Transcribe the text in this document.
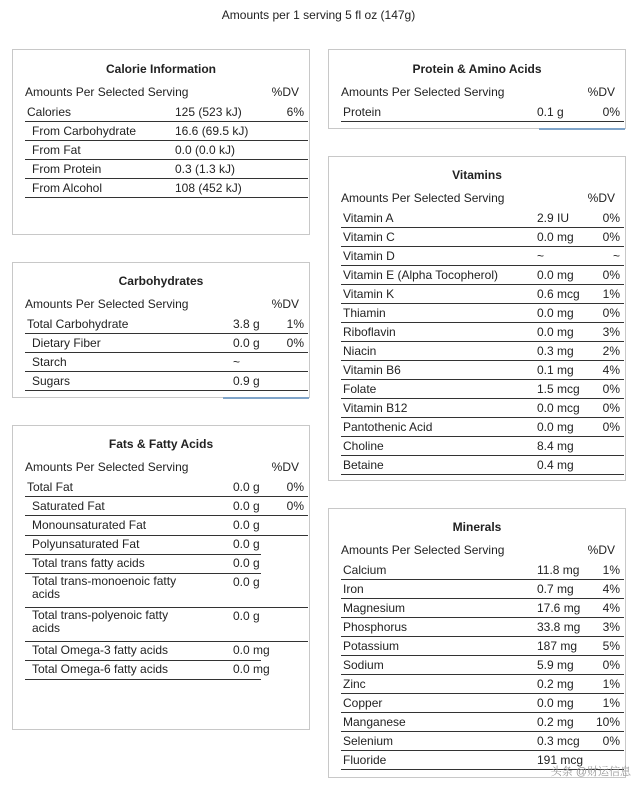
Amounts per 1 serving 5 fl oz (147g)
Calorie Information
Amounts Per Selected Serving	%DV
Calories	125 (523 kJ)	6%
From Carbohydrate	16.6 (69.5 kJ)
From Fat	0.0 (0.0 kJ)
From Protein	0.3 (1.3 kJ)
From Alcohol	108 (452 kJ)
Carbohydrates
Amounts Per Selected Serving	%DV
Total Carbohydrate	3.8 g 1%
Dietary Fiber	0.0 g 0%
Starch	~
Sugars	0.9 g
Fats & Fatty Acids
Amounts Per Selected Serving	%DV
Total Fat	0.0 g 0%
Saturated Fat	0.0 g 0%
Monounsaturated Fat	0.0 g
Polyunsaturated Fat	0.0 g
Total trans fatty acids	0.0 g
Total trans-monoenoic fatty acids
0.0 g
Total trans-polyenoic fatty acids
0.0 g
Total Omega-3 fatty acids	0.0 mg
Total Omega-6 fatty acids	0.0 mg
Protein & Amino Acids
Amounts Per Selected Serving	%DV
Protein	0.1 g	0%
Vitamins
Amounts Per Selected Serving	%DV
Vitamin A	2.9 IU	0%
Vitamin C	0.0 mg 0%
Vitamin D	~	~
Vitamin E (Alpha Tocopherol)	0.0 mg 0%
Vitamin K	0.6 mcg 1%
Thiamin	0.0 mg 0%
Riboflavin	0.0 mg 3%
Niacin	0.3 mg 2%
Vitamin B6	0.1 mg 4%
Folate	1.5 mcg 0%
Vitamin B12	0.0 mcg 0%
Pantothenic Acid	0.0 mg 0%
Choline	8.4 mg
Betaine	0.4 mg
Minerals
Amounts Per Selected Serving	%DV
Calcium	11.8 mg 1%
Iron	0.7 mg 4%
Magnesium	17.6 mg 4%
Phosphorus	33.8 mg 3%
Potassium	187 mg 5%
Sodium	5.9 mg 0%
Zinc	0.2 mg 1%
Copper	0.0 mg 1%
Manganese	0.2 mg 10%
Selenium	0.3 mcg 0%
Fluoride	191 mcg
头条 @财运信息
